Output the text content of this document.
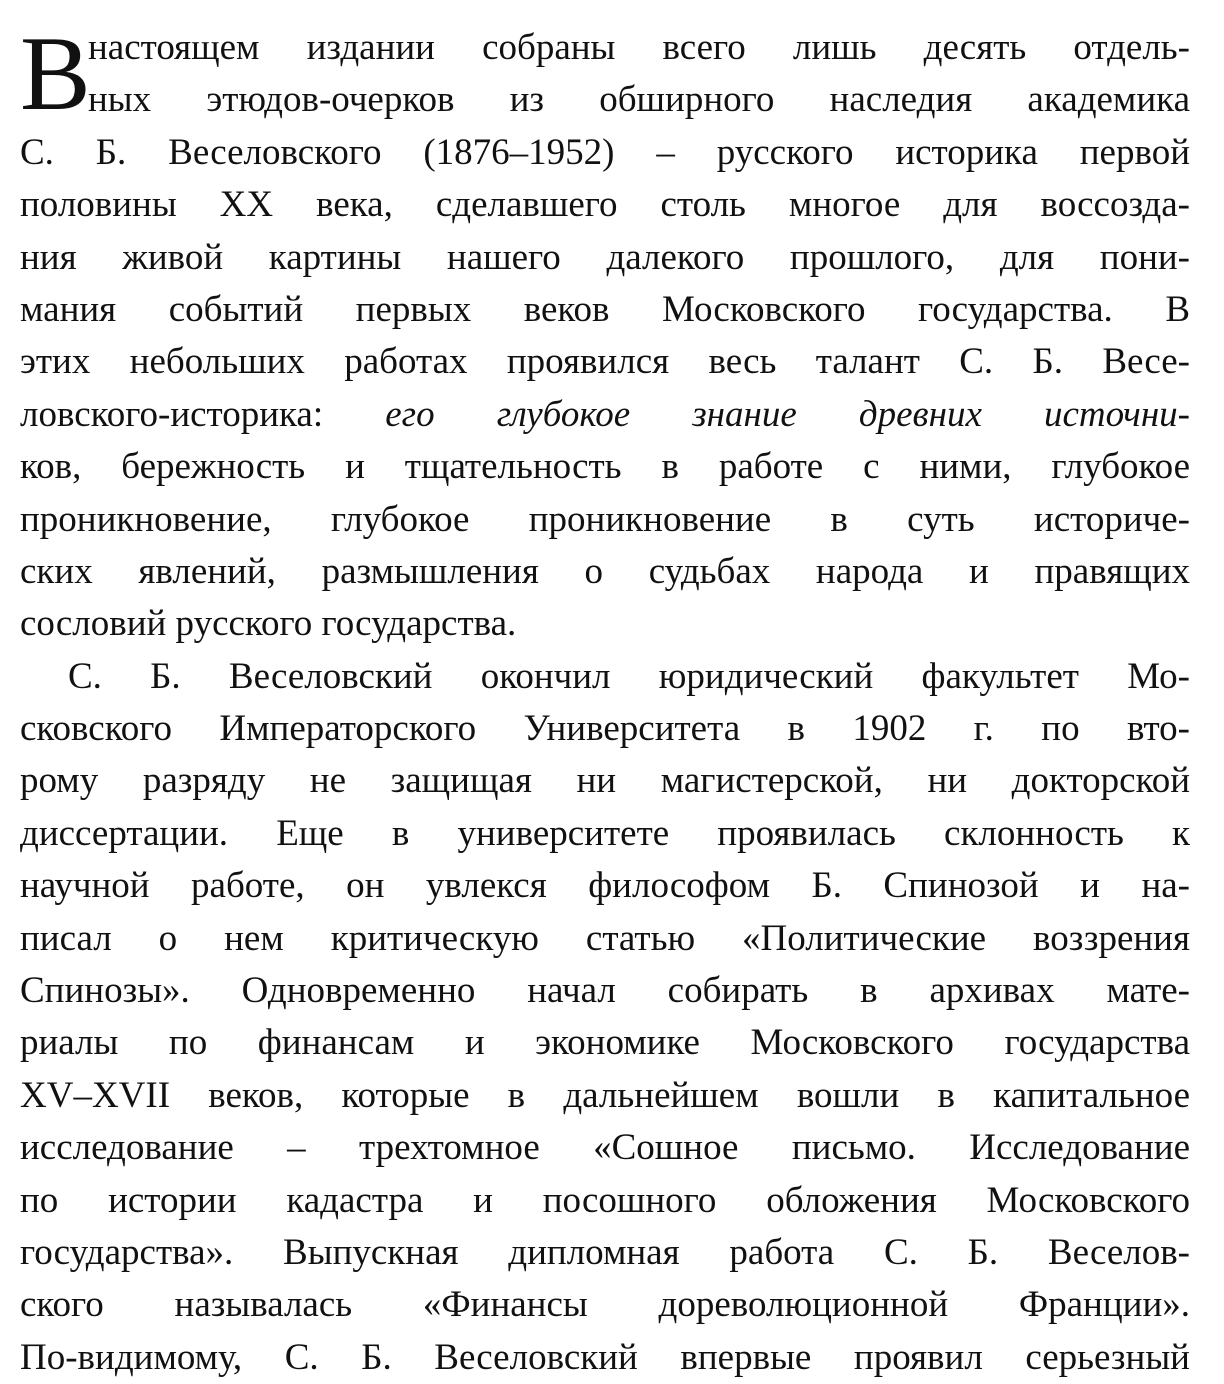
В
настоящем издании собраны всего лишь десять отдель-
ных этюдов-очерков из обширного наследия академика
С. Б. Веселовского (1876–1952) – русского историка первой
половины XX века, сделавшего столь многое для воссозда-
ния живой картины нашего далекого прошлого, для пони-
мания событий первых веков Московского государства. В
этих небольших работах проявился весь талант С. Б. Весе-
ловского-историка: его глубокое знание древних источни-
ков, бережность и тщательность в работе с ними, глубокое
проникновение, глубокое проникновение в суть историче-
ских явлений, размышления о судьбах народа и правящих
сословий русского государства.
С. Б. Веселовский окончил юридический факультет Мо-
сковского Императорского Университета в 1902 г. по вто-
рому разряду не защищая ни магистерской, ни докторской
диссертации. Еще в университете проявилась склонность к
научной работе, он увлекся философом Б. Спинозой и на-
писал о нем критическую статью «Политические воззрения
Спинозы». Одновременно начал собирать в архивах мате-
риалы по финансам и экономике Московского государства
XV–XVII веков, которые в дальнейшем вошли в капитальное
исследование – трехтомное «Сошное письмо. Исследование
по истории кадастра и посошного обложения Московского
государства». Выпускная дипломная работа С. Б. Веселов-
ского называлась «Финансы дореволюционной Франции».
По-видимому, С. Б. Веселовский впервые проявил серьезный
